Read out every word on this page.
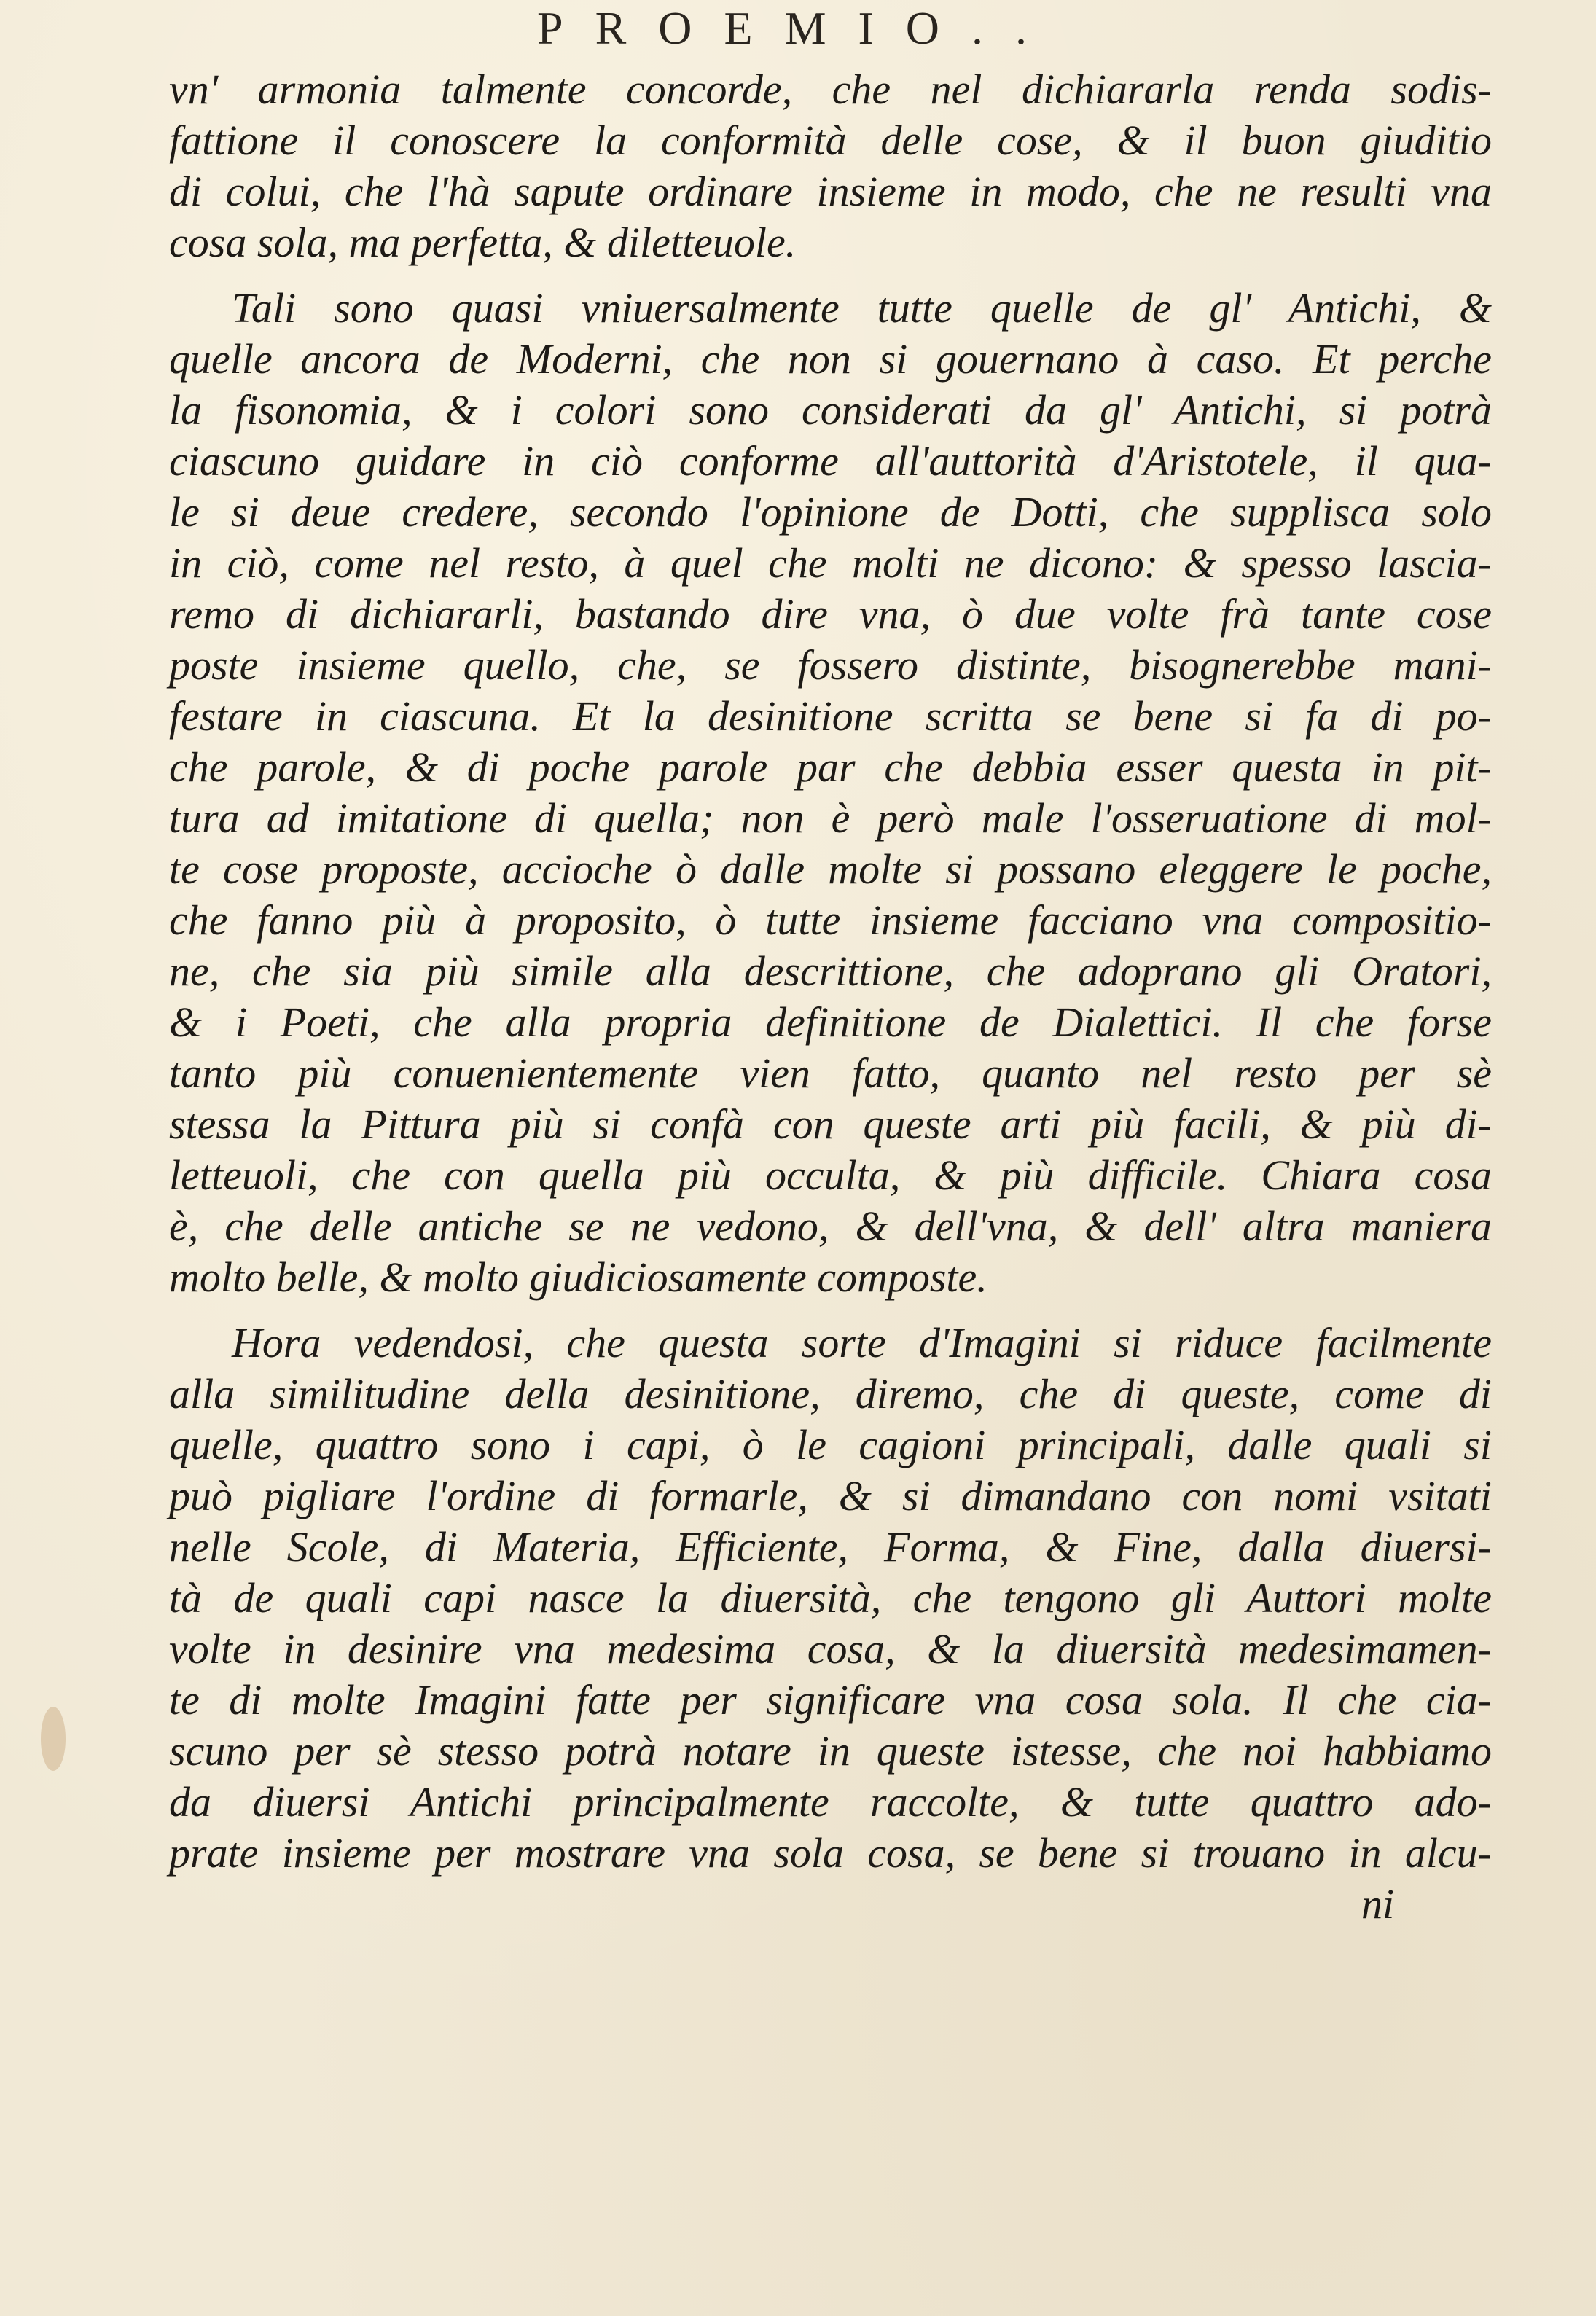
PROEMIO..
vn' armonia talmente concorde, che nel dichiararla renda sodis-
fattione il conoscere la conformità delle cose, & il buon giuditio
di colui, che l'hà sapute ordinare insieme in modo, che ne resulti vna
cosa sola, ma perfetta, & diletteuole.
Tali sono quasi vniuersalmente tutte quelle de gl' Antichi, &
quelle ancora de Moderni, che non si gouernano à caso. Et perche
la fisonomia, & i colori sono considerati da gl' Antichi, si potrà
ciascuno guidare in ciò conforme all'auttorità d'Aristotele, il qua-
le si deue credere, secondo l'opinione de Dotti, che supplisca solo
in ciò, come nel resto, à quel che molti ne dicono: & spesso lascia-
remo di dichiararli, bastando dire vna, ò due volte frà tante cose
poste insieme quello, che, se fossero distinte, bisognerebbe mani-
festare in ciascuna. Et la desinitione scritta se bene si fa di po-
che parole, & di poche parole par che debbia esser questa in pit-
tura ad imitatione di quella; non è però male l'osseruatione di mol-
te cose proposte, accioche ò dalle molte si possano eleggere le poche,
che fanno più à proposito, ò tutte insieme facciano vna compositio-
ne, che sia più simile alla descrittione, che adoprano gli Oratori,
& i Poeti, che alla propria definitione de Dialettici. Il che forse
tanto più conuenientemente vien fatto, quanto nel resto per sè
stessa la Pittura più si confà con queste arti più facili, & più di-
letteuoli, che con quella più occulta, & più difficile. Chiara cosa
è, che delle antiche se ne vedono, & dell'vna, & dell' altra maniera
molto belle, & molto giudiciosamente composte.
Hora vedendosi, che questa sorte d'Imagini si riduce facilmente
alla similitudine della desinitione, diremo, che di queste, come di
quelle, quattro sono i capi, ò le cagioni principali, dalle quali si
può pigliare l'ordine di formarle, & si dimandano con nomi vsitati
nelle Scole, di Materia, Efficiente, Forma, & Fine, dalla diuersi-
tà de quali capi nasce la diuersità, che tengono gli Auttori molte
volte in desinire vna medesima cosa, & la diuersità medesimamen-
te di molte Imagini fatte per significare vna cosa sola. Il che cia-
scuno per sè stesso potrà notare in queste istesse, che noi habbiamo
da diuersi Antichi principalmente raccolte, & tutte quattro ado-
prate insieme per mostrare vna sola cosa, se bene si trouano in alcu-
ni
